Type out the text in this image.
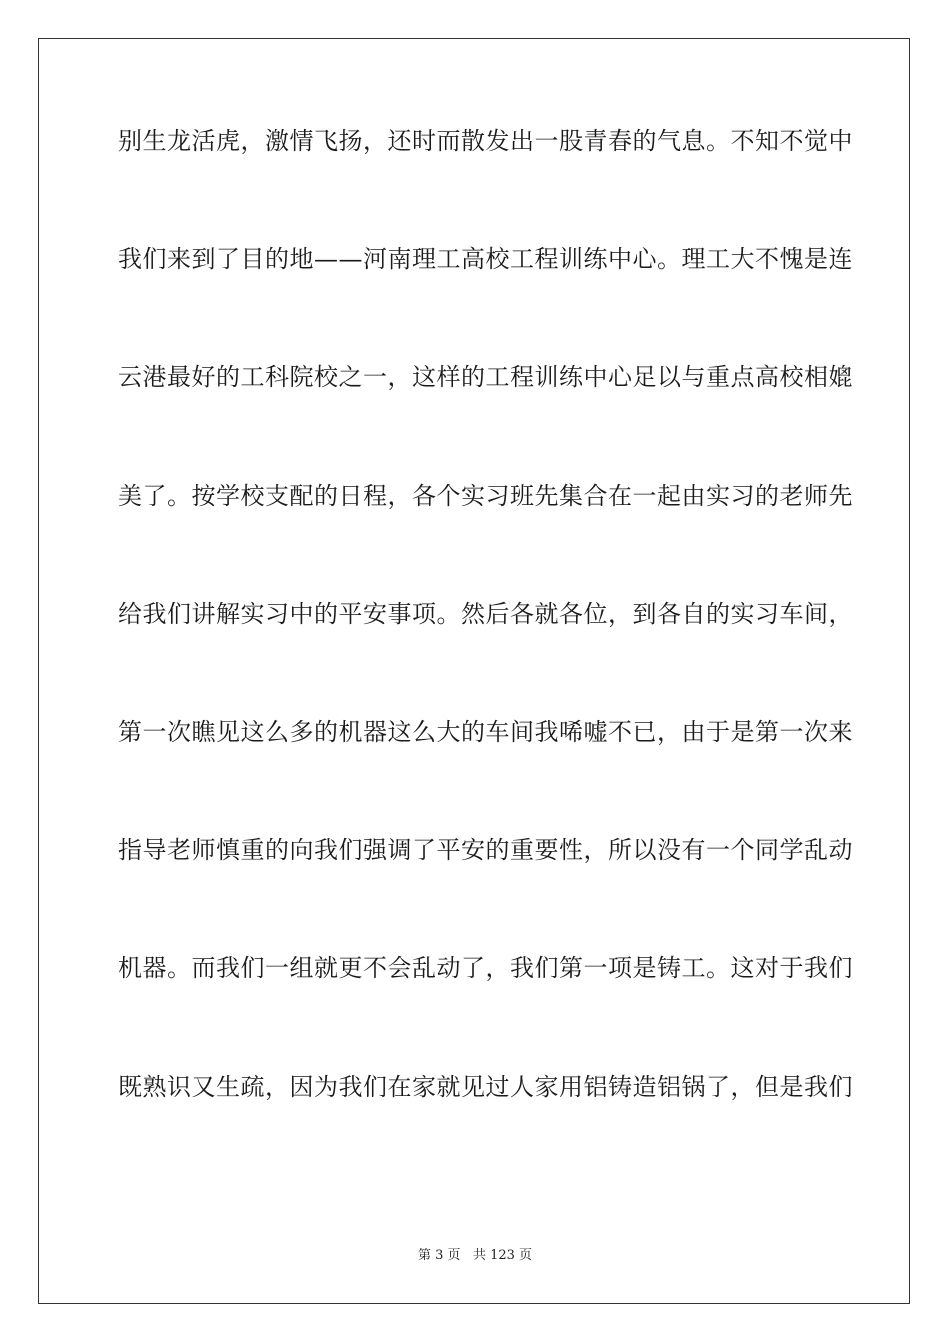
别生龙活虎，激情飞扬，还时而散发出一股青春的气息。不知不觉中
我们来到了目的地——河南理工高校工程训练中心。理工大不愧是连
云港最好的工科院校之一，这样的工程训练中心足以与重点高校相媲
美了。按学校支配的日程，各个实习班先集合在一起由实习的老师先
给我们讲解实习中的平安事项。然后各就各位，到各自的实习车间，
第一次瞧见这么多的机器这么大的车间我唏嘘不已，由于是第一次来
指导老师慎重的向我们强调了平安的重要性，所以没有一个同学乱动
机器。而我们一组就更不会乱动了，我们第一项是铸工。这对于我们
既熟识又生疏，因为我们在家就见过人家用铝铸造铝锅了，但是我们
第 3 页 共 123 页
